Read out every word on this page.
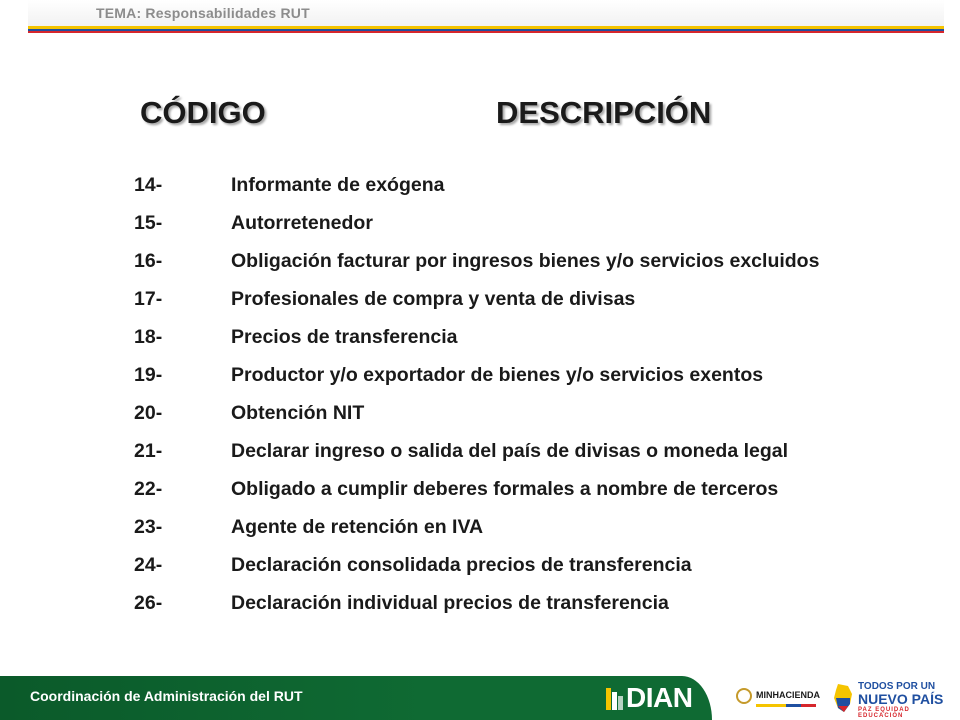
TEMA: Responsabilidades RUT
CÓDIGO	DESCRIPCIÓN
14-	Informante de exógena
15-	Autorretenedor
16-	Obligación facturar por ingresos bienes y/o servicios excluidos
17-	Profesionales de compra y venta de divisas
18-	Precios de transferencia
19-	Productor y/o exportador de bienes y/o servicios exentos
20-	Obtención NIT
21-	Declarar ingreso o salida del país de divisas o moneda legal
22-	Obligado a cumplir deberes formales a nombre de terceros
23-	Agente de retención en IVA
24-	Declaración consolidada precios de transferencia
26-	Declaración individual precios de transferencia
Coordinación de Administración del RUT	DIAN	MINHACIENDA
TODOS POR UN
NUEVO PAÍS
PAZ EQUIDAD EDUCACIÓN
